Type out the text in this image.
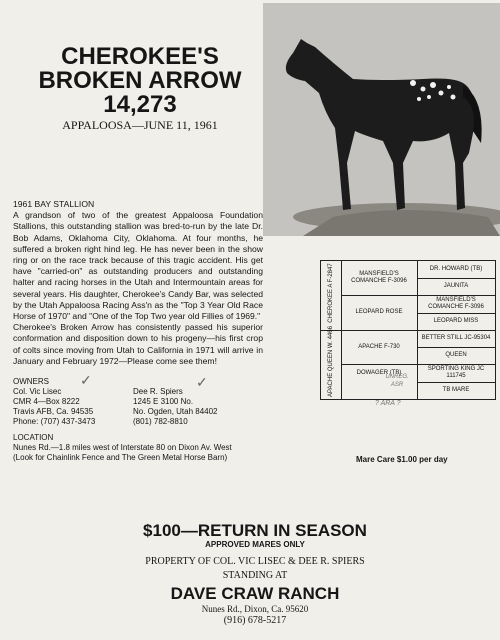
CHEROKEE'S
BROKEN ARROW
14,273
APPALOOSA—JUNE 11, 1961

1961 BAY STALLION

A grandson of two of the greatest Appaloosa Foundation Stallions, this outstanding stallion was bred-to-run by the late Dr. Bob Adams, Oklahoma City, Oklahoma. At four months, he suffered a broken right hind leg. He has never been in the show ring or on the race track because of this tragic accident. His get have "carried-on" as outstanding producers and outstanding halter and racing horses in the Utah and Intermountain areas for several years. His daughter, Cherokee's Candy Bar, was selected by the Utah Appaloosa Racing Ass'n as the "Top 3 Year Old Race Horse of 1970" and "One of the Top Two year old Fillies of 1969."

Cherokee's Broken Arrow has consistently passed his superior conformation and disposition down to his progeny—his first crop of colts since moving from Utah to California in 1971 will arrive in January and February 1972—Please come see them!

OWNERS
Col. Vic Lisec
CMR 4—Box 8222
Travis AFB, Ca. 94535
Phone: (707) 437-3473
Dee R. Spiers
1245 E 3100 No.
No. Ogden, Utah 84402
(801) 782-8810
✓	✓
LOCATION
Nunes Rd.—1.8 miles west of Interstate 80 on Dixon Av. West
(Look for Chainlink Fence and The Green Metal Horse Barn)
CHEROKEE A F-2847
APACHE QUEEN W. 4466
MANSFIELD'S COMANCHE F-3096
LEOPARD ROSE
APACHE F-730
DOWAGER (TB)
UNREG.
ASR
DR. HOWARD (TB)
JAUNITA
MANSFIELD'S COMANCHE F-3096
LEOPARD MISS
BETTER STILL JC-95304
QUEEN
SPORTING KING JC 111745
TB MARE
? ARA ?
Mare Care $1.00 per day
$100—RETURN IN SEASON
APPROVED MARES ONLY
PROPERTY OF COL. VIC LISEC & DEE R. SPIERS
STANDING AT
DAVE CRAW RANCH
Nunes Rd., Dixon, Ca. 95620
(916) 678-5217
